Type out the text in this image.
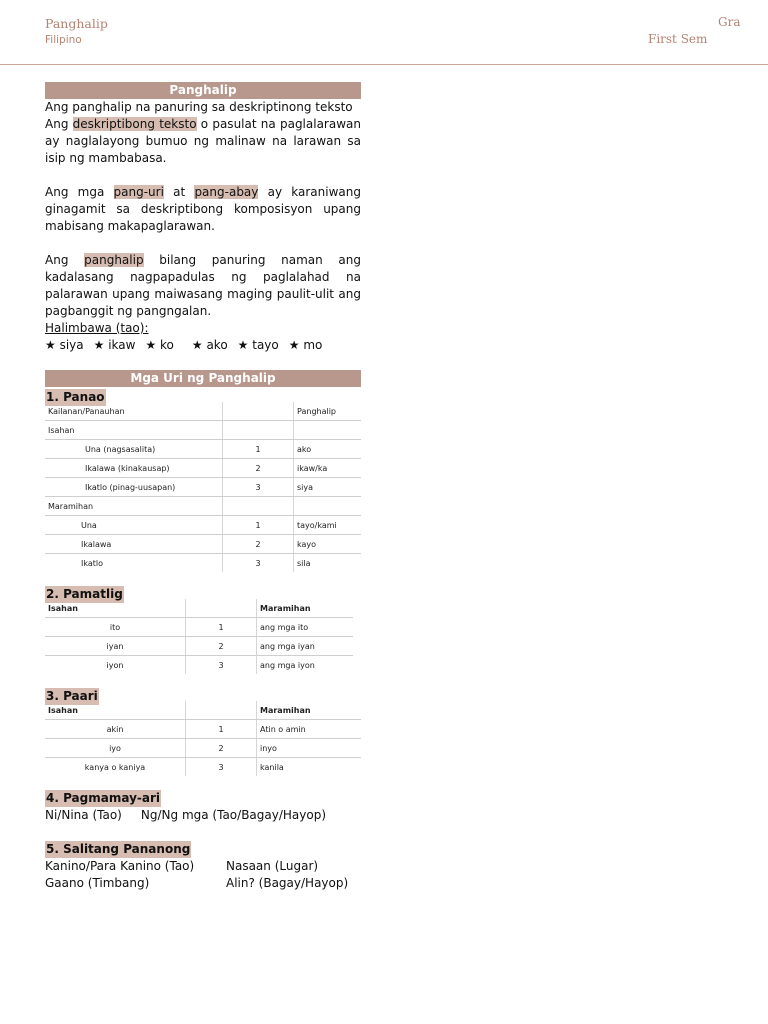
Panghalip
Filipino
Gra
First Sem
Panghalip
Ang panghalip na panuring sa deskriptinong teksto

Ang deskriptibong teksto o pasulat na paglalarawan ay naglalayong bumuo ng malinaw na larawan sa isip ng mambabasa.

Ang mga pang-uri at pang-abay ay karaniwang ginagamit sa deskriptibong komposisyon upang mabisang makapaglarawan.

Ang panghalip bilang panuring naman ang kadalasang nagpapadulas ng paglalahad na palarawan upang maiwasang maging paulit-ulit ang pagbanggit ng pangngalan.

Halimbawa (tao):
★ siya ★ ikaw ★ ko ★ ako ★ tayo ★ mo
Mga Uri ng Panghalip
1. Panao
Kailanan/Panauhan		Panghalip
Isahan		
Una (nagsasalita)	1	ako
Ikalawa (kinakausap)	2	ikaw/ka
Ikatlo (pinag-uusapan)	3	siya
Maramihan		
Una	1	tayo/kami
Ikalawa	2	kayo
Ikatlo	3	sila
2. Pamatlig
Isahan		Maramihan
ito	1	ang mga ito
iyan	2	ang mga iyan
iyon	3	ang mga iyon
3. Paari
Isahan		Maramihan
akin	1	Atin o amin
iyo	2	inyo
kanya o kaniya	3	kanila
4. Pagmamay-ari
Ni/Nina (Tao)     Ng/Ng mga (Tao/Bagay/Hayop)
5. Salitang Pananong
Kanino/Para Kanino (Tao)	Nasaan (Lugar)
Gaano (Timbang)	Alin? (Bagay/Hayop)
